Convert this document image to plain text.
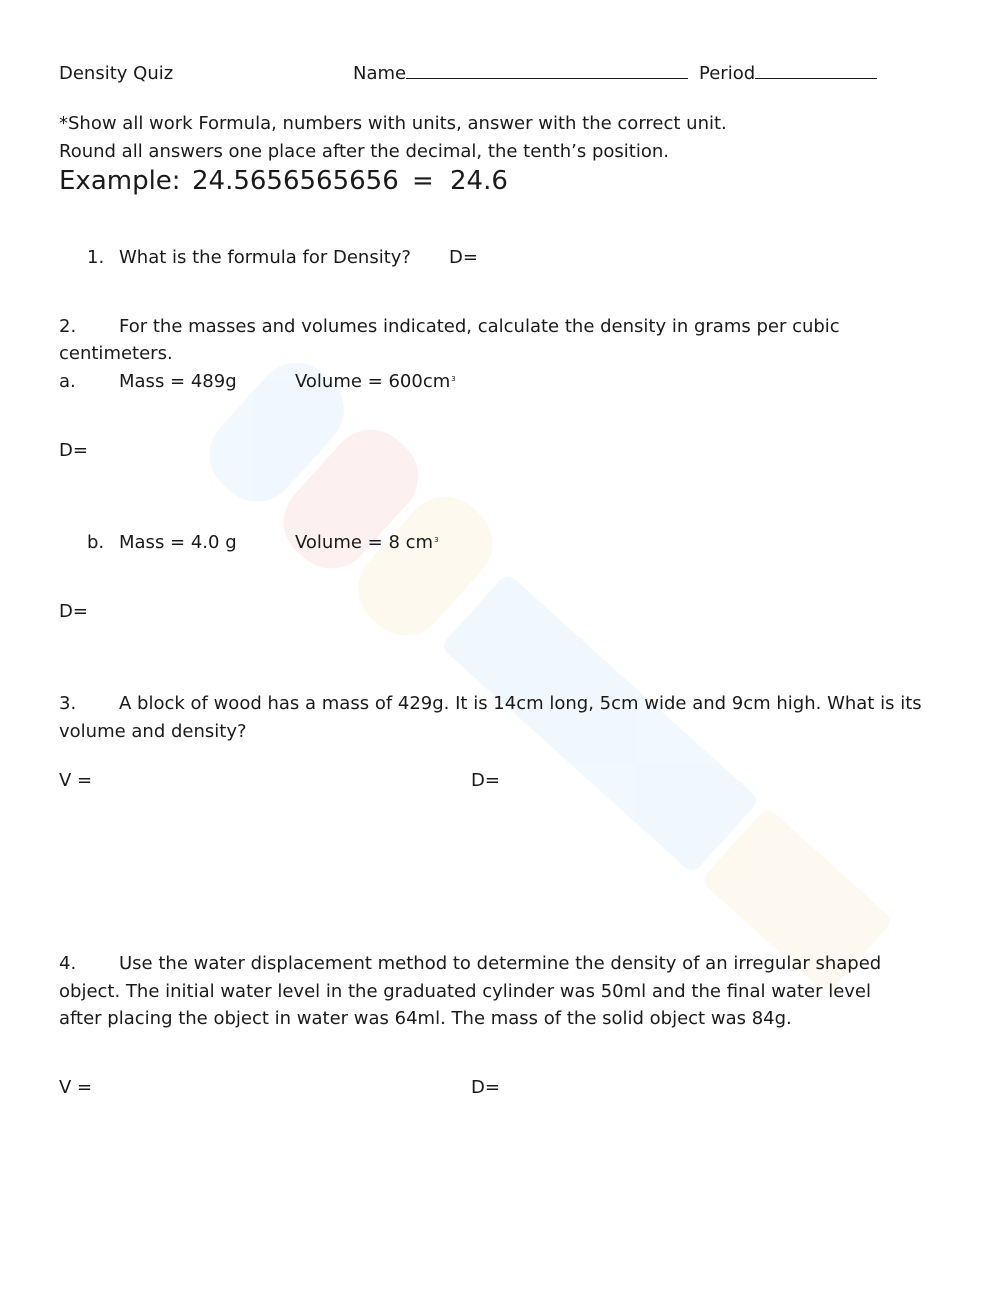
Density Quiz	Name	Period
*Show all work Formula, numbers with units, answer with the correct unit.
Round all answers one place after the decimal, the tenth’s position.
Example: 24.5656565656 = 24.6
1. What is the formula for Density? D=
2. For the masses and volumes indicated, calculate the density in grams per cubic
centimeters.
a. Mass = 489g	Volume = $600cm^3$
D=
b. Mass = 4.0 g	Volume = 8 $cm^3$
D=
3. A block of wood has a mass of 429g. It is 14cm long, 5cm wide and 9cm high. What is its
volume and density?
V =	D=
4. Use the water displacement method to determine the density of an irregular shaped
object. The initial water level in the graduated cylinder was 50ml and the final water level
after placing the object in water was 64ml. The mass of the solid object was 84g.
V =	D=
